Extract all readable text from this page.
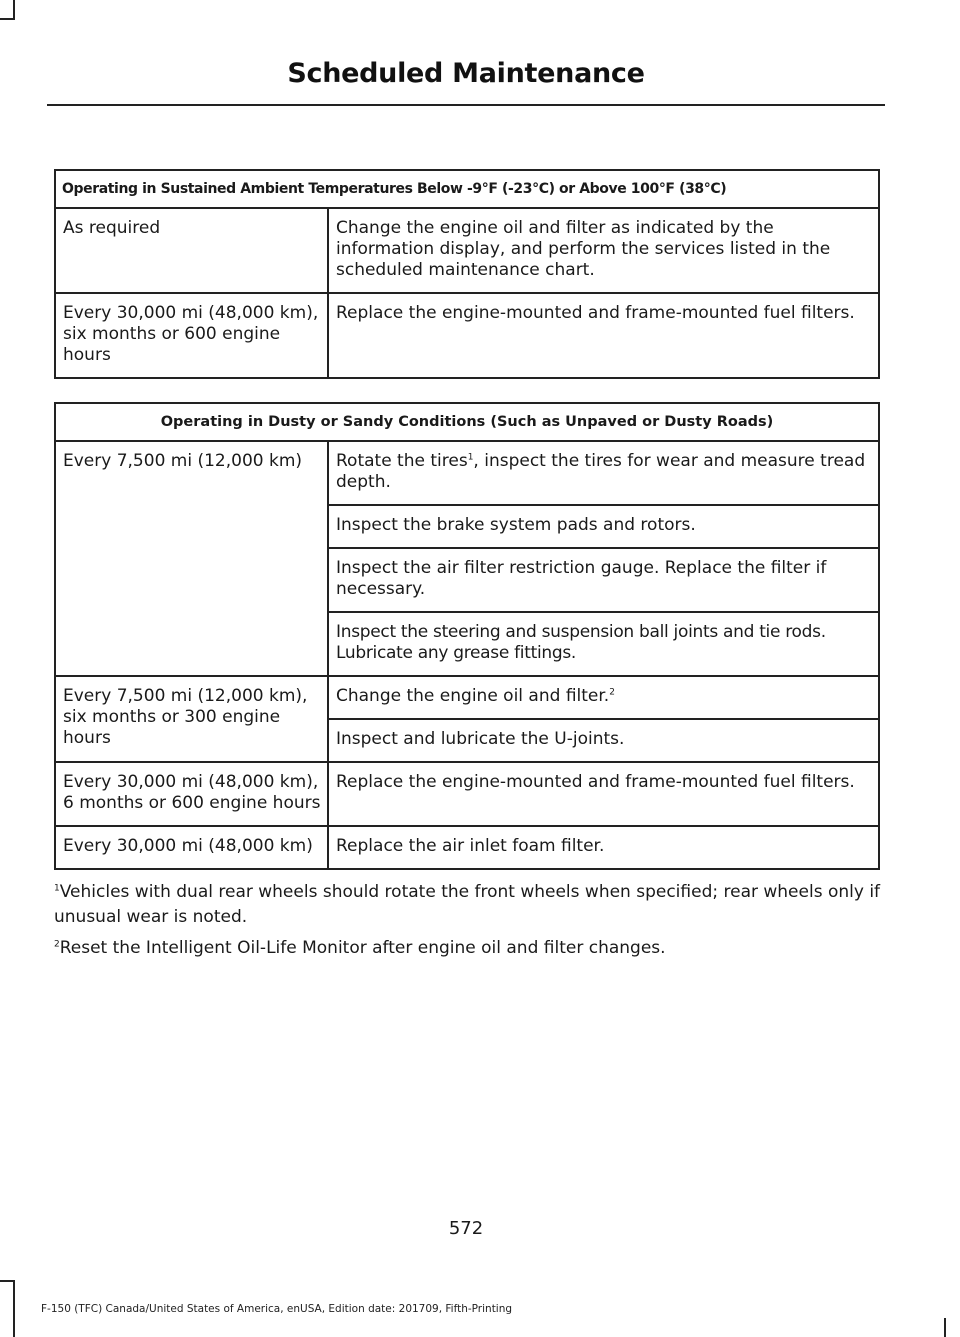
Scheduled Maintenance
Operating in Sustained Ambient Temperatures Below -9°F (-23°C) or Above 100°F (38°C)	
As required	Change the engine oil and filter as indicated by the information display, and perform the services listed in the scheduled maintenance chart.
Every 30,000 mi (48,000 km), six months or 600 engine hours	Replace the engine-mounted and frame-mounted fuel filters.
Operating in Dusty or Sandy Conditions (Such as Unpaved or Dusty Roads)	
Every 7,500 mi (12,000 km)	Rotate the tires$^1$, inspect the tires for wear and measure tread depth.
	Inspect the brake system pads and rotors.
	Inspect the air filter restriction gauge. Replace the filter if necessary.
	Inspect the steering and suspension ball joints and tie rods. Lubricate any grease fittings.
Every 7,500 mi (12,000 km), six months or 300 engine hours	Change the engine oil and filter.$^2$
	Inspect and lubricate the U-joints.
Every 30,000 mi (48,000 km), 6 months or 600 engine hours	Replace the engine-mounted and frame-mounted fuel filters.
Every 30,000 mi (48,000 km)	Replace the air inlet foam filter.

$^1$Vehicles with dual rear wheels should rotate the front wheels when specified; rear wheels only if unusual wear is noted.

$^2$Reset the Intelligent Oil-Life Monitor after engine oil and filter changes.

572
F-150 (TFC) Canada/United States of America, enUSA, Edition date: 201709, Fifth-Printing
